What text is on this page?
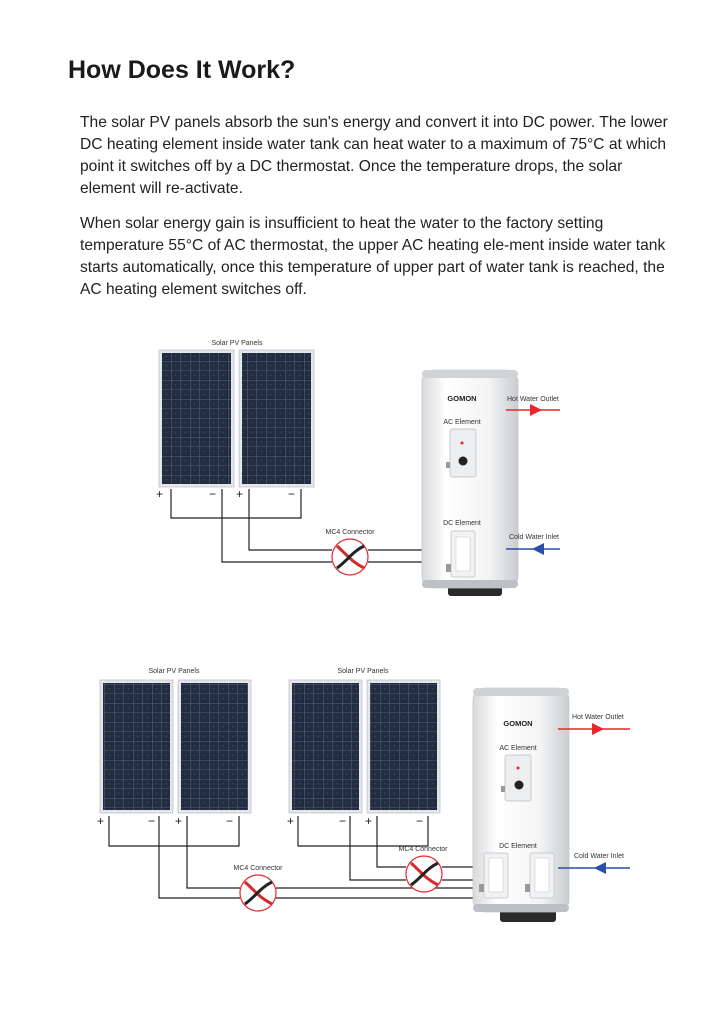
How Does It Work?

The solar PV panels absorb the sun's energy and convert it into DC power. The lower DC heating element inside water tank can heat water to a maximum of 75°C at which point it switches off by a DC thermostat. Once the temperature drops, the solar element will re-activate.

When solar energy gain is insufficient to heat the water to the factory setting temperature 55°C of AC thermostat, the upper AC heating ele-ment inside water tank starts automatically, once this temperature of upper part of water tank is reached, the AC heating element switches off.

Solar PV Panels
+	− +	−
MC4 Connector
GOMON
AC Element
DC Element
Hot Water Outlet
Cold Water Inlet
Solar PV Panels	Solar PV Panels
+	− +	−	+	− +	−
MC4 Connector
MC4 Connector
GOMON
AC Element
DC Element
Hot Water Outlet
Cold Water Inlet
